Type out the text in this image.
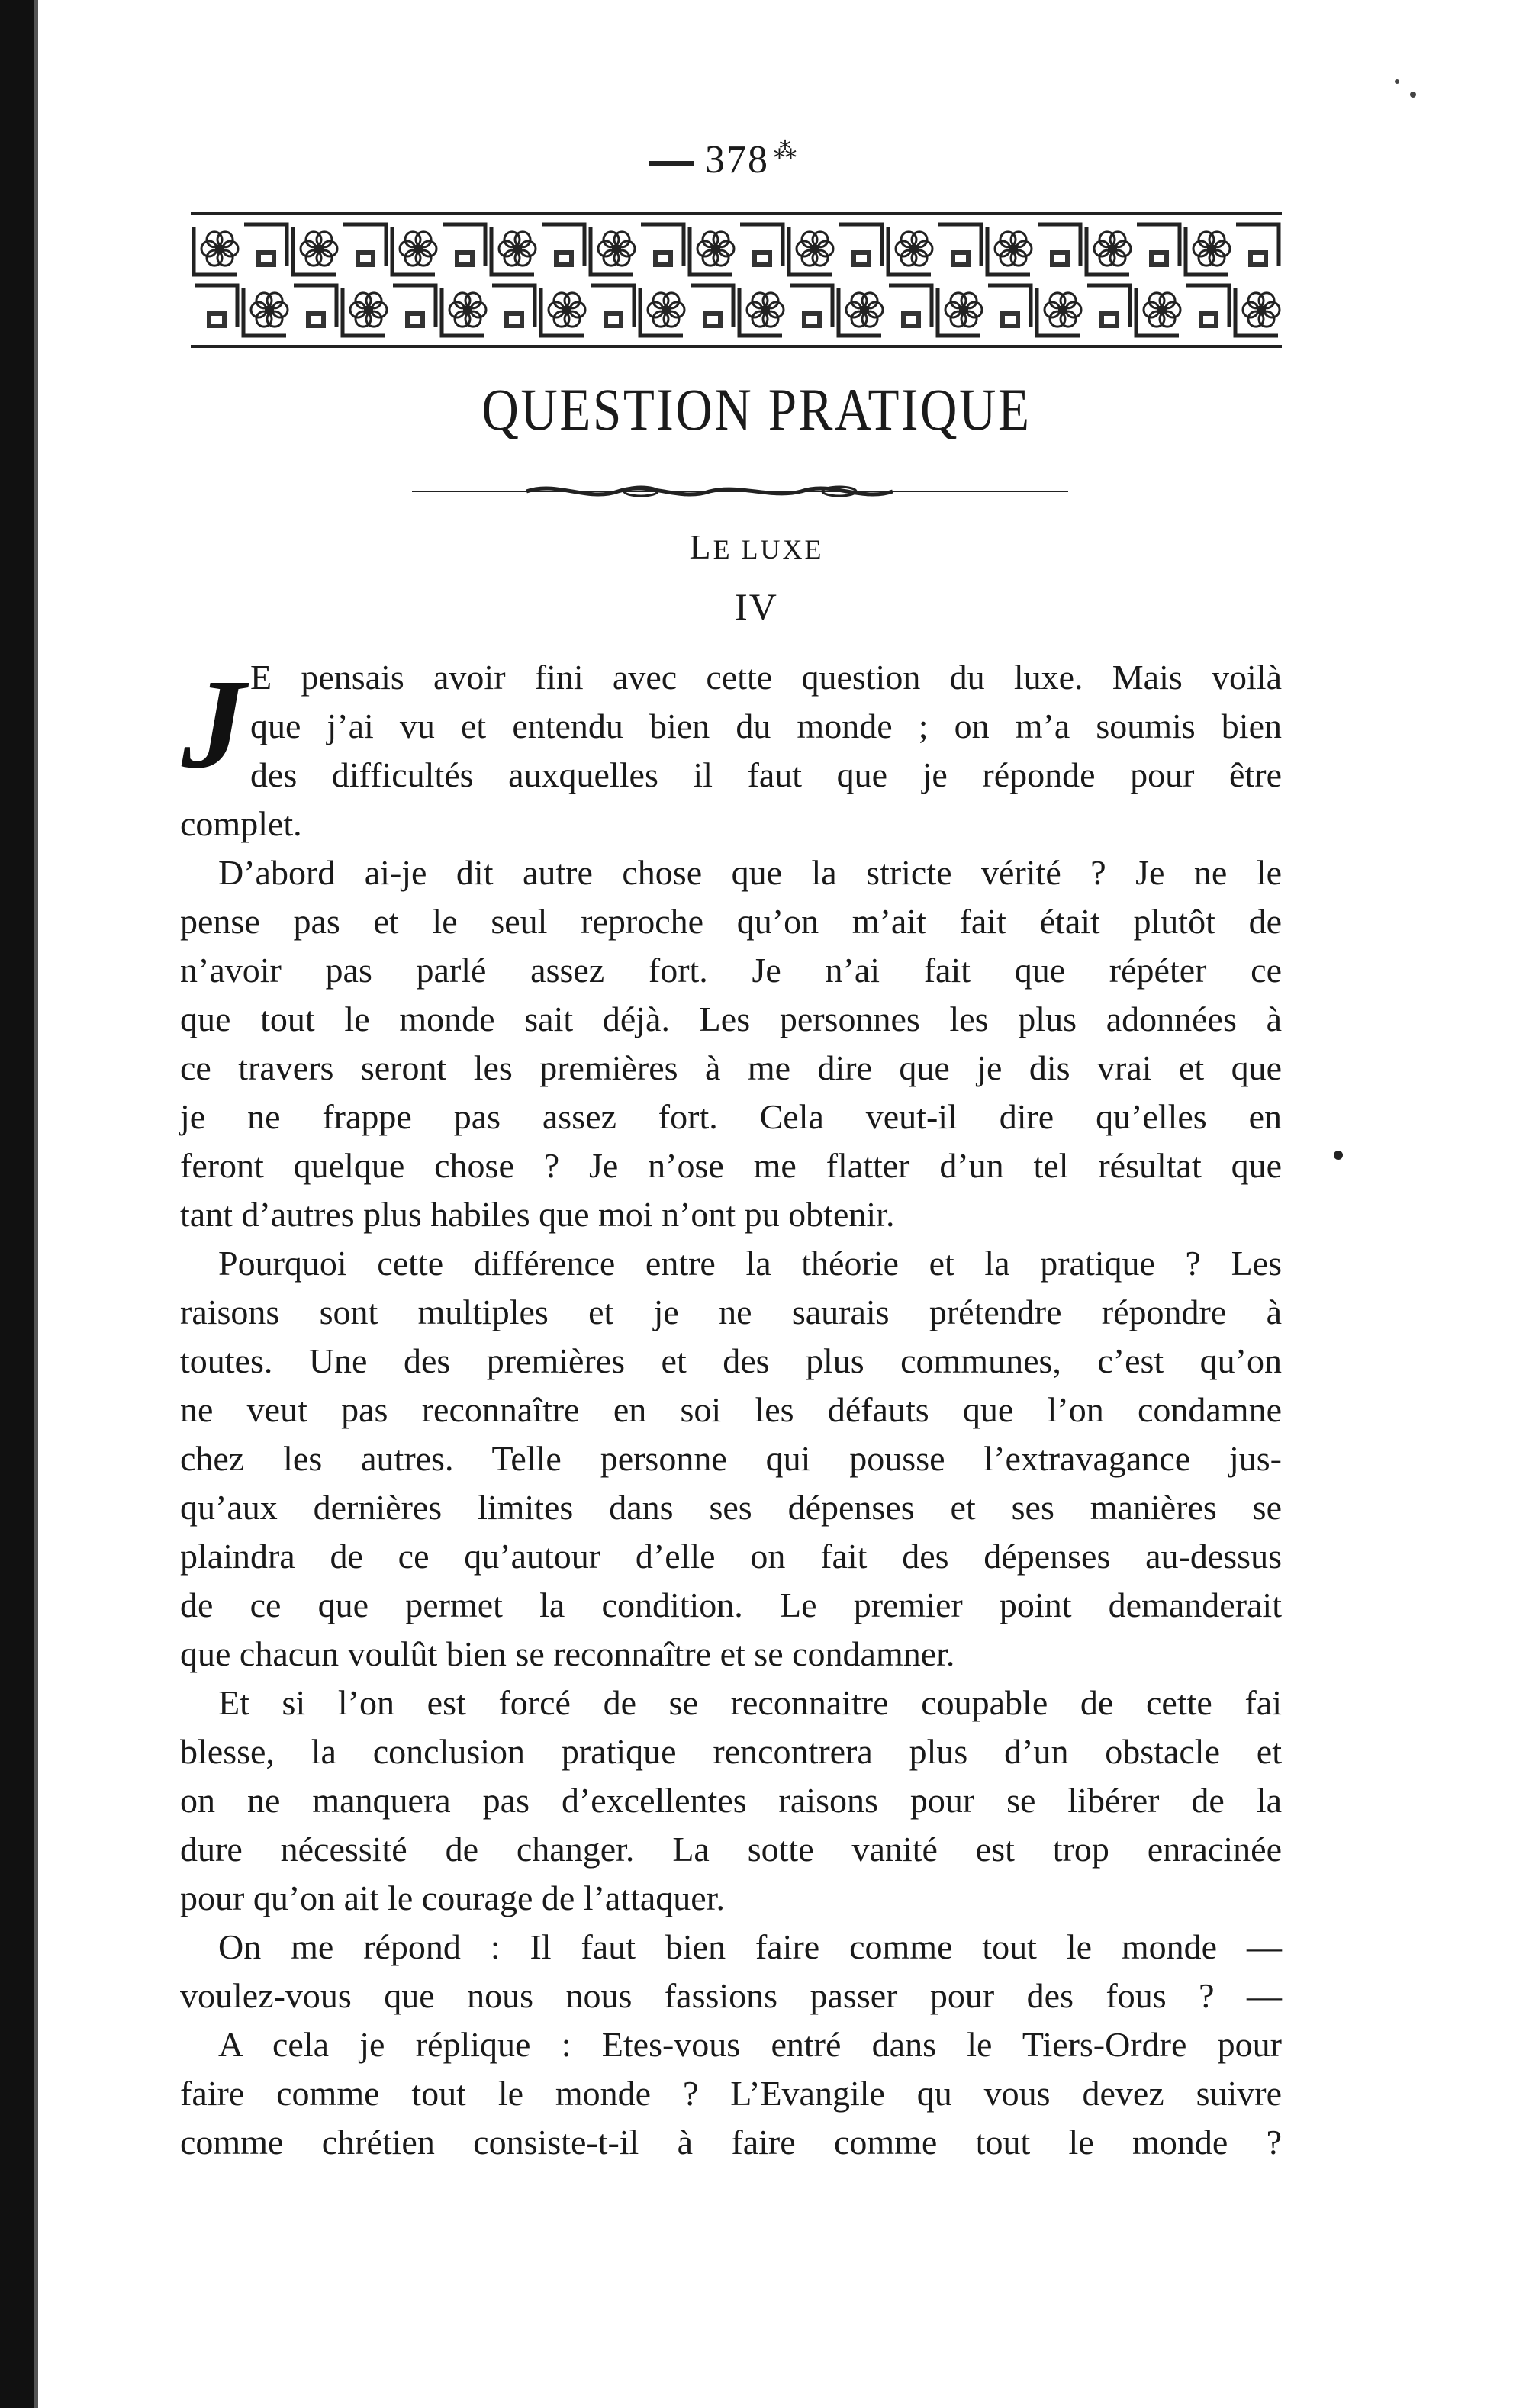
378 ⁂
QUESTION PRATIQUE
LE LUXE
IV
J E pensais avoir fini avec cette question du luxe. Mais voilà
que j’ai vu et entendu bien du monde ; on m’a soumis bien
des difficultés auxquelles il faut que je réponde pour être
complet.
D’abord ai-je dit autre chose que la stricte vérité ? Je ne le
pense pas et le seul reproche qu’on m’ait fait était plutôt de
n’avoir pas parlé assez fort. Je n’ai fait que répéter ce
que tout le monde sait déjà. Les personnes les plus adonnées à
ce travers seront les premières à me dire que je dis vrai et que
je ne frappe pas assez fort. Cela veut-il dire qu’elles en
feront quelque chose ? Je n’ose me flatter d’un tel résultat que
tant d’autres plus habiles que moi n’ont pu obtenir.
Pourquoi cette différence entre la théorie et la pratique ? Les
raisons sont multiples et je ne saurais prétendre répondre à
toutes. Une des premières et des plus communes, c’est qu’on
ne veut pas reconnaître en soi les défauts que l’on condamne
chez les autres. Telle personne qui pousse l’extravagance jus-
qu’aux dernières limites dans ses dépenses et ses manières se
plaindra de ce qu’autour d’elle on fait des dépenses au-dessus
de ce que permet la condition. Le premier point demanderait
que chacun voulût bien se reconnaître et se condamner.
Et si l’on est forcé de se reconnaitre coupable de cette fai
blesse, la conclusion pratique rencontrera plus d’un obstacle et
on ne manquera pas d’excellentes raisons pour se libérer de la
dure nécessité de changer. La sotte vanité est trop enracinée
pour qu’on ait le courage de l’attaquer.
On me répond : Il faut bien faire comme tout le monde —
voulez-vous que nous nous fassions passer pour des fous ? —
A cela je réplique : Etes-vous entré dans le Tiers-Ordre pour
faire comme tout le monde ? L’Evangile qu vous devez suivre
comme chrétien consiste-t-il à faire comme tout le monde ?
